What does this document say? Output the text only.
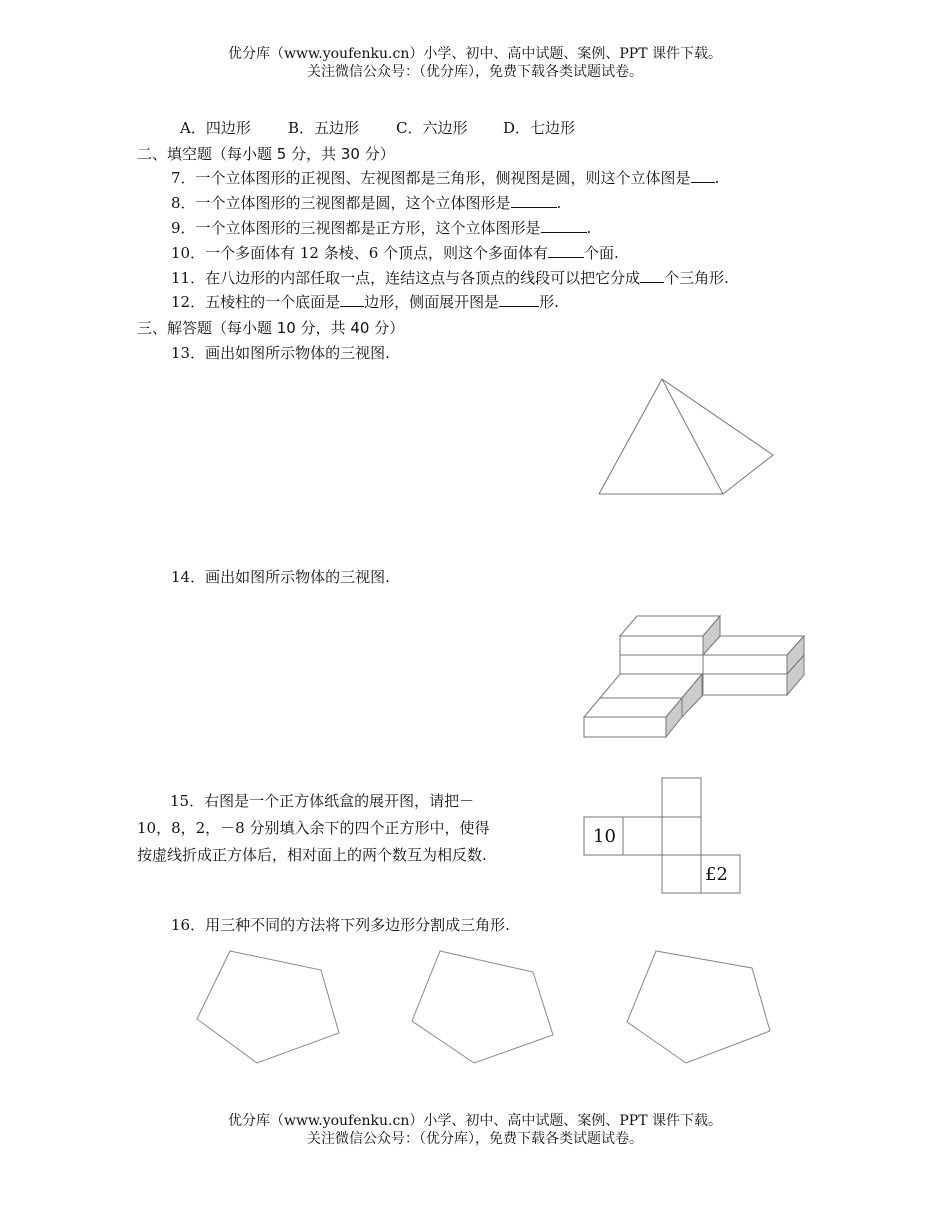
优分库（www.youfenku.cn）小学、初中、高中试题、案例、PPT 课件下载。
关注微信公众号：（优分库），免费下载各类试题试卷。
A．四边形 B．五边形 C．六边形 D．七边形
二、填空题（每小题 5 分，共 30 分）
7．一个立体图形的正视图、左视图都是三角形，侧视图是圆，则这个立体图是 .
8．一个立体图形的三视图都是圆，这个立体图形是	.
9．一个立体图形的三视图都是正方形，这个立体图形是	.
10．一个多面体有 12 条棱、6 个顶点，则这个多面体有 个面.
11．在八边形的内部任取一点，连结这点与各顶点的线段可以把它分成 个三角形.
12．五棱柱的一个底面是 边形，侧面展开图是	形.
三、解答题（每小题 10 分，共 40 分）
13．画出如图所示物体的三视图.
14．画出如图所示物体的三视图.
15．右图是一个正方体纸盒的展开图，请把－10，8，2，－8 分别填入余下的四个正方形中，使得按虚线折成正方体后，相对面上的两个数互为相反数.
10
£2
16．用三种不同的方法将下列多边形分割成三角形.
优分库（www.youfenku.cn）小学、初中、高中试题、案例、PPT 课件下载。
关注微信公众号：（优分库），免费下载各类试题试卷。
